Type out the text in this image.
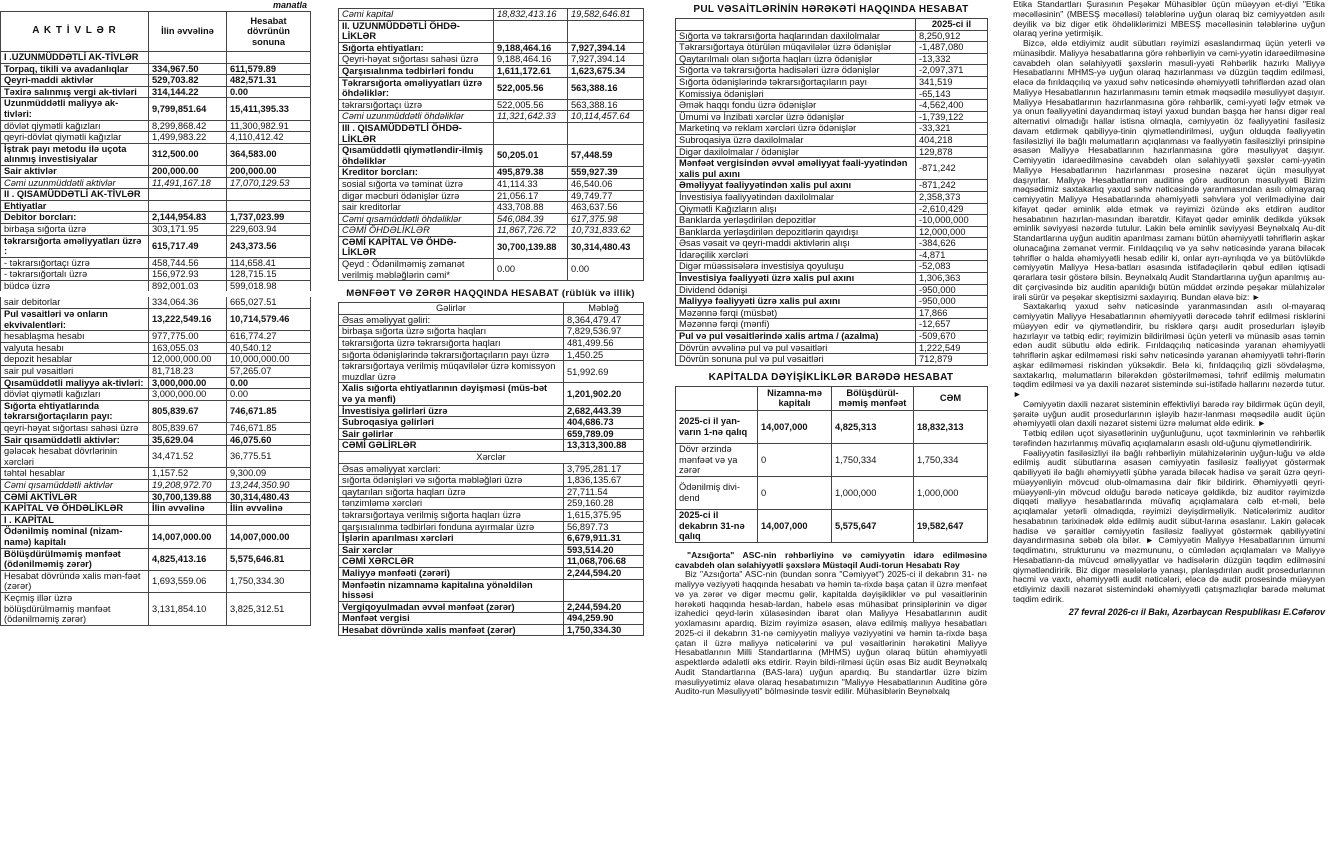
manatla
A K T İ V L Ə R	İlin əvvəlinə	Hesabat dövrünün sonuna
I .UZUNMÜDDƏTLİ AK-TİVLƏR		
Torpaq, tikili və avadanlıqlar	334,967.50	611,579.89
Qeyri-maddi aktivlər	529,703.82	482,571.31
Təxirə salınmış vergi ak-tivləri	314,144.22	0.00
Uzunmüddətli maliyyə ak-tivləri:	9,799,851.64	15,411,395.33
dövlət qiymətli kağızları	8,299,868.42	11,300,982.91
qeyri-dövlət qiymətli kağızlar	1,499,983.22	4,110,412.42
İştrak payı metodu ilə uçota alınmış investisiyalar	312,500.00	364,583.00
Sair aktivlər	200,000.00	200,000.00
Cəmi uzunmüddətli aktivlər	11,491,167.18	17,070,129.53
II . QISAMÜDDƏTLİ AK-TİVLƏR		
Ehtiyatlar		
Debitor borcları:	2,144,954.83	1,737,023.99
birbaşa sığorta üzrə	303,171.95	229,603.94
təkrarsığorta əməliyyatları üzrə :	615,717.49	243,373.56
- təkrarsığortaçı üzrə	458,744.56	114,658.41
- təkrarsığortalı üzrə	156,972.93	128,715.15
büdcə üzrə	892,001.03	599,018.98
sair debitorlar	334,064.36	665,027.51
Pul vəsaitləri və onların ekvivalentləri:	13,222,549.16	10,714,579.46
hesablaşma hesabı	977,775.00	616,774.27
valyuta hesabı	163,055.03	40,540.12
depozit hesablar	12,000,000.00	10,000,000.00
sair pul vəsaitləri	81,718.23	57,265.07
Qısamüddətli maliyyə ak-tivləri:	3,000,000.00	0.00
dövlət qiymətli kağızları	3,000,000.00	0.00
Sığorta ehtiyatlarında təkrarsığortaçıların payı:	805,839.67	746,671.85
qeyri-həyat sığortası sahəsi üzrə	805,839.67	746,671.85
Sair qısamüddətli aktivlər:	35,629.04	46,075.60
gələcək hesabat dövrlərinin xərcləri	34,471.52	36,775.51
təhtəl hesablar	1,157.52	9,300.09
Cəmi qısamüddətli aktivlər	19,208,972.70	13,244,350.90
CƏMİ AKTİVLƏR	30,700,139.88	30,314,480.43
KAPİTAL VƏ ÖHDƏLİKLƏR	İlin əvvəlinə	İlin əvvəlinə
I . KAPİTAL		
Ödənilmiş nominal (nizam-namə) kapitalı	14,007,000.00	14,007,000.00
Bölüşdürülməmiş mənfəət (ödənilməmiş zərər)	4,825,413.16	5,575,646.81
Hesabat dövründə xalis mən-fəət (zərər)	1,693,559.06	1,750,334.30
Keçmiş illər üzrə bölüşdürülməmiş mənfəət (ödənilməmiş zərər)	3,131,854.10	3,825,312.51
Cəmi kapital	18,832,413.16	19,582,646.81
II. UZUNMÜDDƏTLİ ÖHDƏ-LİKLƏR		
Sığorta ehtiyatları:	9,188,464.16	7,927,394.14
Qeyri-həyat sığortası sahəsi üzrə	9,188,464.16	7,927,394.14
Qarşısıalınma tədbirləri fondu	1,611,172.61	1,623,675.34
Təkrarsığorta əməliyyatları üzrə öhdəliklər:	522,005.56	563,388.16
təkrarsığortaçı üzrə	522,005.56	563,388.16
Cəmi uzunmüddətli öhdəliklər	11,321,642.33	10,114,457.64
III . QISAMÜDDƏTLİ ÖHDƏ-LİKLƏR		
Qısamüddətli qiymətləndir-ilmiş öhdəliklər	50,205.01	57,448.59
Kreditor borcları:	495,879.38	559,927.39
sosial sığorta və təminat üzrə	41,114.33	46,540.06
digər məcburi ödənişlər üzrə	21,056.17	49,749.77
sair kreditorlar	433,708.88	463,637.56
Cəmi qısamüddətli öhdəliklər	546,084.39	617,375.98
CƏMİ ÖHDƏLİKLƏR	11,867,726.72	10,731,833.62
CƏMİ KAPİTAL VƏ ÖHDƏ-LİKLƏR	30,700,139.88	30,314,480.43
Qeyd : Ödənilməmiş zəmanət verilmiş məbləğlərin cəmi*	0.00	0.00
MƏNFƏƏT VƏ ZƏRƏR HAQQINDA HESABAT (rüblük və illik)
Gəlirlər	Məbləğ
Əsas əməliyyat gəliri:	8,364,479.47
birbaşa sığorta üzrə sığorta haqları	7,829,536.97
təkrarsığorta üzrə təkrarsığorta haqları	481,499.56
sığorta ödənişlərində təkrarsığortaçıların payı üzrə	1,450.25
təkrarsığortaya verilmiş müqavilələr üzrə komissyon muzdlar üzrə	51,992.69
Xalis sığorta ehtiyatlarının dəyişməsi (müs-bət və ya mənfi)	1,201,902.20
İnvestisiya gəlirləri üzrə	2,682,443.39
Subroqasiya gəlirləri	404,686.73
Sair gəlirlər	659,789.09
CƏMİ GƏLİRLƏR	13,313,300.88
Xərclər	
Əsas əməliyyat xərcləri:	3,795,281.17
sığorta ödənişləri və sığorta məbləğləri üzrə	1,836,135.67
qaytarılan sığorta haqları üzrə	27,711.54
tənzimləmə xərcləri	259,160.28
təkrarsığortaya verilmiş sığorta haqları üzrə	1,615,375.95
qarşısıalınma tədbirləri fonduna ayırmalar üzrə	56,897.73
İşlərin aparılması xərcləri	6,679,911.31
Sair xərclər	593,514.20
CƏMİ XƏRCLƏR	11,068,706.68
Maliyyə mənfəəti (zərəri)	2,244,594.20
Mənfəətin nizamnamə kapitalına yönəldilən hissəsi	
Vergiqoyulmadan əvvəl mənfəət (zərər)	2,244,594.20
Mənfəət vergisi	494,259.90
Hesabat dövründə xalis mənfəət (zərər)	1,750,334.30
PUL VƏSAİTLƏRİNİN HƏRƏKƏTİ HAQQINDA HESABAT
	2025-ci il
Sığorta və təkrarsığorta haqlarından daxilolmalar	8,250,912
Təkrarsığortaya ötürülən müqavilələr üzrə ödənişlər	-1,487,080
Qaytarılmalı olan sığorta haqları üzrə ödənişlər	-13,332
Sığorta və təkrarsığorta hadisələri üzrə ödənişlər	-2,097,371
Sığorta ödənişlərində təkrarsığortaçıların payı	341,519
Komissiya ödənişləri	-65,143
Əmək haqqı fondu üzrə ödənişlər	-4,562,400
Ümumi və İnzibati xərclər üzrə ödənişlər	-1,739,122
Marketinq və reklam xərcləri üzrə ödənişlər	-33,321
Subroqasiya üzrə daxilolmalar	404,218
Digər daxilolmalar / ödənişlər	129,878
Mənfəət vergisindən əvvəl əməliyyat fəali-yyətindən xalis pul axını	-871,242
Əməliyyat fəaliyyətindən xalis pul axını	-871,242
İnvestisiya fəaliyyətindən daxilolmalar	2,358,373
Qiymətli Kağızların alışı	-2,610,429
Banklarda yerləşdirilən depozitlər	-10,000,000
Banklarda yerləşdirilən depozitlərin qayıdışı	12,000,000
Əsas vəsait və qeyri-maddi aktivlərin alışı	-384,626
İdarəçilik xərcləri	-4,871
Digər müəssisələrə investisiya qoyuluşu	-52,083
İnvestisiya fəaliyyəti üzrə xalis pul axını	1,306,363
Dividend ödənişi	-950,000
Maliyyə fəaliyyəti üzrə xalis pul axını	-950,000
Məzənnə fərqi (müsbət)	17,866
Məzənnə fərqi (mənfi)	-12,657
Pul və pul vəsaitlərində xalis artma / (azalma)	-509,670
Dövrün əvvəlinə pul və pul vəsaitləri	1,222,549
Dövrün sonuna pul və pul vəsaitləri	712,879
KAPİTALDA DƏYİŞİKLİKLƏR BARƏDƏ HESABAT
	Nizamna-mə kapitalı	Bölüşdürül-məmiş mənfəət	CƏM
2025-ci il yan-varın 1-nə qalıq	14,007,000	4,825,313	18,832,313
Dövr ərzində mənfəət və ya zərər	0	1,750,334	1,750,334
Ödənilmiş divi-dend	0	1,000,000	1,000,000
2025-ci il dekabrın 31-nə qalıq	14,007,000	5,575,647	19,582,647

"Azsığorta" ASC-nin rəhbərliyinə və cəmiyyətin idarə edilməsinə cavabdeh olan səlahiyyətli şəxslərə Müstəqil Audi-torun Hesabatı Rəy

Biz "Azsığorta" ASC-nin (bundan sonra "Cəmiyyət") 2025-ci il dekabrın 31- nə maliyyə vəziyyəti haqqında hesabatı və həmin ta-rixdə başa çatan il üzrə mənfəət və ya zərər və digər məcmu gəlir, kapitalda dəyişikliklər və pul vəsaitlərinin hərəkəti haqqında hesab-lardan, habelə əsas mühasibat prinsiplərinin və digər izahedici qeyd-lərin xülasəsindən ibarət olan Maliyyə Hesabatlarının audit yoxlamasını apardıq. Bizim rəyimizə əsasən, əlavə edilmiş maliyyə hesabatları 2025-ci il dekabrın 31-nə cəmiyyətin maliyyə vəziyyətini və həmin ta-rixdə başa çatan il üzrə maliyyə nəticələrini və pul vəsaitlərinin hərəkətini Maliyyə Hesabatlarının Milli Standartlarına (MHMS) uyğun olaraq bütün əhəmiyyətli aspektlərdə ədalətli əks etdirir. Rəyin bildi-rilməsi üçün əsas Biz audit Beynəlxalq Audit Standartlarına (BAS-lara) uyğun apardıq. Bu standartlar üzrə bizim məsuliyyətimiz əlavə olaraq hesabatımızın "Maliyyə Hesabatlarının Auditinə görə Audito-run Məsuliyyəti" bölməsində təsvir edilir. Mühasiblərin Beynəlxalq

Etika Standartları Şurasının Peşəkar Mühasiblər üçün müəyyən et-diyi "Etika məcəlləsinin" (MBESŞ məcəlləsi) tələblərinə uyğun olaraq biz cəmiyyətdən asılı deyilik və biz digər etik öhdəliklərimizi MBESŞ məcəlləsinin tələblərinə uyğun olaraq yerinə yetirmişik.

Bizcə, əldə etdiyimiz audit sübutları rəyimizi əsaslandırmaq üçün yeterli və münasibdir. Maliyyə hesabatlarına görə rəhbərliyin və cəmi-yyətin idarəedilməsinə cavabdeh olan səlahiyyətli şəxslərin məsuli-yyəti Rəhbərlik hazırkı Maliyyə Hesabatlarını MHMS-yə uyğun olaraq hazırlanması və düzgün təqdim edilməsi, eləcə də fırıldaqçılıq və yaxud səhv nəticəsində əhəmiyyətli təhriflərdən azad olan Maliyyə Hesabatlarının hazırlanmasını təmin etmək məqsədilə məsuliyyət daşıyır. Maliyyə Hesabatlarının hazırlanmasına görə rəhbərlik, cəmi-yyəti ləğv etmək və ya onun fəaliyyətini dayandırmaq istəyi yaxud bundan başqa hər hansı digər real alternativi olmadığı hallar istisna olmaqla, cəmiyyətin öz fəaliyyətini fasiləsiz davam etdirmək qabiliyyə-tinin qiymətləndirilməsi, uyğun olduqda fəaliyyətin fasiləsizliyi ilə bağlı məlumatların açıqlanması və fəaliyyətin fasiləsizliyi prinsipinə əsasən Maliyyə Hesabatlarının hazırlanmasına görə məsuliyyət daşıyır. Cəmiyyətin idarəedilməsinə cavabdeh olan səlahiyyətli şəxslər cəmi-yyətin Maliyyə Hesabatlarının hazırlanması prosesinə nəzarət üçün məsuliyyət daşıyırlar. Maliyyə Hesabatlarının auditinə görə auditorun məsuliyyəti Bizim məqsədimiz saxtakarlıq yaxud səhv nəticəsində yaranmasından asılı olmayaraq cəmiyyətin Maliyyə Hesabatlarında əhəmiyyətli səhvlərə yol verilmədiyinə dair kifayət qədər əminlik əldə etmək və rəyimizi özündə əks etdirən auditor hesabatının hazırlan-masından ibarətdir. Kifayət qədər əminlik dedikdə yüksək əminlik səviyyəsi nəzərdə tutulur. Lakin belə əminlik səviyyəsi Beynəlxalq Au-dit Standartlarına uyğun auditin aparılması zamanı bütün əhəmiyyətli təhriflərin aşkar olunacağına zəmanət vermir. Fırıldaqçılıq və ya səhv nəticəsində yarana biləcək təhriflər o halda əhəmiyyətli hesab edilir ki, onlar ayrı-ayrılıqda və ya bütövlükdə cəmiyyətin Maliyyə Hesa-batları əsasında istifadəçilərin qəbul edilən iqtisadi qərarlara təsir göstərə bilsin. Beynəlxalq Audit Standartlarına uyğun aparılmış au-dit çərçivəsində biz auditin aparıldığı bütün müddət ərzində peşəkar mülahizələr irəli sürür və peşəkar skeptisizmi saxlayırıq. Bundan əlavə biz: ►

Saxtakarlıq yaxud səhv nəticəsində yaranmasından asılı ol-mayaraq cəmiyyətin Maliyyə Hesabatlarının əhəmiyyətli dərəcədə təhrif edilməsi risklərini müəyyən edir və qiymətləndirir, bu risklərə qarşı audit prosedurları işləyib hazırlayır və tətbiq edir; rəyimizin bildirilməsi üçün yeterli və münasib əsas təmin edən audit sübutlu əldə edirik. Fırıldaqçılıq nəticəsində yaranan əhəmiyyətli təhriflərin aşkar edilməməsi riski səhv nəticəsində yaranan əhəmiyyətli təhri-flərin aşkar edilməməsi riskindən yüksəkdir. Belə ki, fırıldaqçılıq gizli sövdələşmə, saxtakarlıq, məlumatların bilərəkdən göstərilməməsi, təhrif edilmiş məlumatın təqdim edilməsi və ya daxili nəzarət sistemində sui-istifadə hallarını nəzərdə tutur. ►

Cəmiyyətin daxili nəzarət sisteminin effektivliyi barədə rəy bildirmək üçün deyil, şəraitə uyğun audit prosedurlarının işləyib hazır-lanması məqsədilə audit üçün əhəmiyyətli olan daxili nəzarət sistemi üzrə məlumat əldə edirik. ►

Tətbiq edilən uçot siyasətlərinin uyğunluğunu, uçot təxminlərinin və rəhbərlik tərəfindən hazırlanmış müvafiq açıqlamaların əsaslı old-uğunu qiymətləndiririk.

Fəaliyyətin fasiləsizliyi ilə bağlı rəhbərliyin mülahizələrinin uyğun-luğu və əldə edilmiş audit sübutlarına əsasən cəmiyyətin fasiləsiz fəaliyyət göstərmək qabiliyyəti ilə bağlı əhəmiyyətli şübhə yarada biləcək hadisə və şərait üzrə qeyri-müəyyənliyin mövcud olub-olmamasına dair fikir bildirirk. Əhəmiyyətli qeyri-müəyyənli-yin mövcud olduğu barədə nəticəyə gəldikdə, biz auditor rəyimizdə diqqəti maliyyə hesabatlarında müvafiq açıqlamalara cəlb et-məli, belə açıqlamalar yetərli olmadıqda, rəyimizi dəyişdirməliyik. Nəticələrimiz auditor hesabatının tarixinədək əldə edilmiş audit sübut-larına əsaslanır. Lakin gələcək hadisə və şəraitlər cəmiyyətin fasiləsiz fəaliyyət göstərmək qabiliyyətini dayandırmasına səbəb ola bilər. ► Cəmiyyətin Maliyyə Hesabatlarının ümumi təqdimatını, strukturunu və məzmununu, o cümlədən açıqlamaları və Maliyyə Hesabatların-da müvcud əməliyyatlar və hadisələrin düzgün təqdim edilməsini qiymətləndiririk. Biz digər məsələlərlə yanaşı, planlaşdırılan audit prosedurlarının həcmi və vaxtı, əhəmiyyətli audit nəticələri, eləcə də audit prosesində müəyyən etdiyimiz daxili nəzarət sistemindəki əhəmiyyətli çatışmazlıqlar barədə məlumat təqdim edirik.

27 fevral 2026-cı il Bakı, Azərbaycan Respublikası E.Cəfərov
